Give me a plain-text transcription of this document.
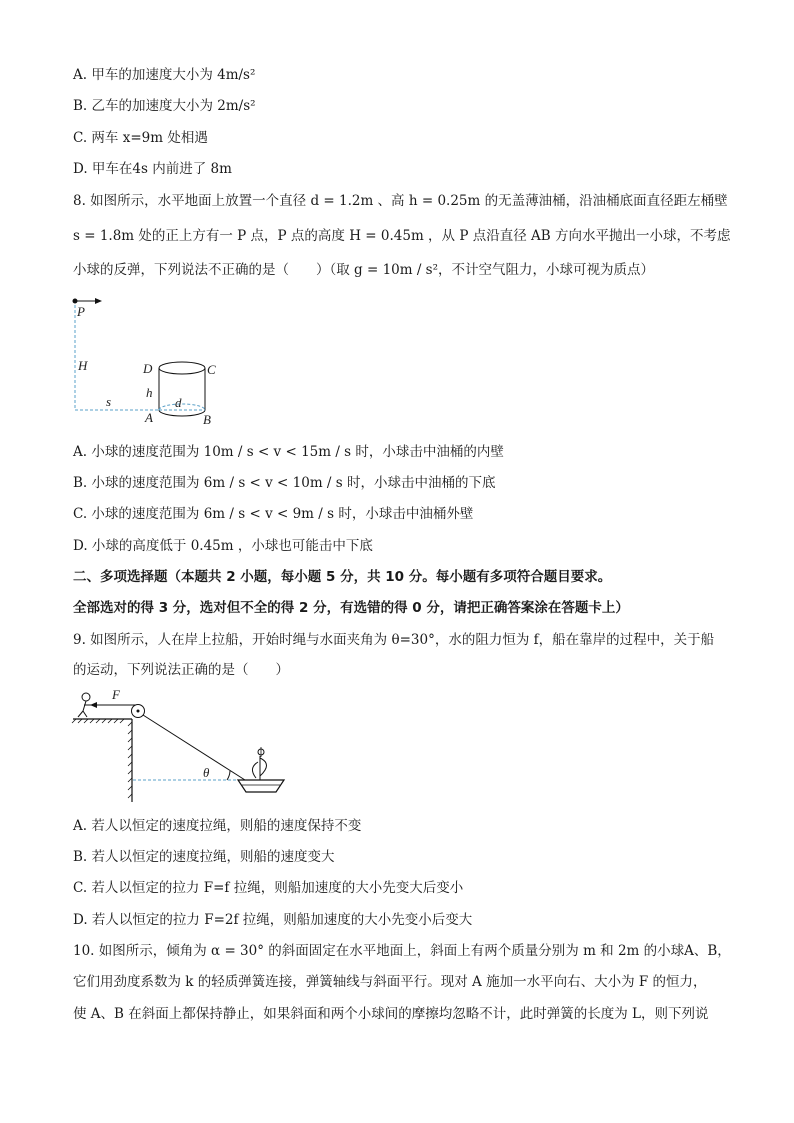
A. 甲车的加速度大小为 4m/s²
B. 乙车的加速度大小为 2m/s²
C. 两车 x=9m 处相遇
D. 甲车在4s 内前进了 8m
8. 如图所示，水平地面上放置一个直径 d = 1.2m 、高 h = 0.25m 的无盖薄油桶，沿油桶底面直径距左桶壁
s = 1.8m 处的正上方有一 P 点，P 点的高度 H = 0.45m ，从 P 点沿直径 AB 方向水平抛出一小球，不考虑
小球的反弹，下列说法不正确的是（　　）（取 g = 10m / s²，不计空气阻力，小球可视为质点）
P
H
s
D	C
h
d
A	B
A. 小球的速度范围为 10m / s < v < 15m / s 时，小球击中油桶的内壁
B. 小球的速度范围为 6m / s < v < 10m / s 时，小球击中油桶的下底
C. 小球的速度范围为 6m / s < v < 9m / s 时，小球击中油桶外壁
D. 小球的高度低于 0.45m ，小球也可能击中下底
二、多项选择题（本题共 2 小题，每小题 5 分，共 10 分。每小题有多项符合题目要求。
全部选对的得 3 分，选对但不全的得 2 分，有选错的得 0 分，请把正确答案涂在答题卡上）
9. 如图所示，人在岸上拉船，开始时绳与水面夹角为 θ=30°，水的阻力恒为 f，船在靠岸的过程中，关于船
的运动，下列说法正确的是（　　）
F
θ
A. 若人以恒定的速度拉绳，则船的速度保持不变
B. 若人以恒定的速度拉绳，则船的速度变大
C. 若人以恒定的拉力 F=f 拉绳，则船加速度的大小先变大后变小
D. 若人以恒定的拉力 F=2f 拉绳，则船加速度的大小先变小后变大
10. 如图所示，倾角为 α = 30° 的斜面固定在水平地面上，斜面上有两个质量分别为 m 和 2m 的小球A、B，
它们用劲度系数为 k 的轻质弹簧连接，弹簧轴线与斜面平行。现对 A 施加一水平向右、大小为 F 的恒力，
使 A、B 在斜面上都保持静止，如果斜面和两个小球间的摩擦均忽略不计，此时弹簧的长度为 L，则下列说
